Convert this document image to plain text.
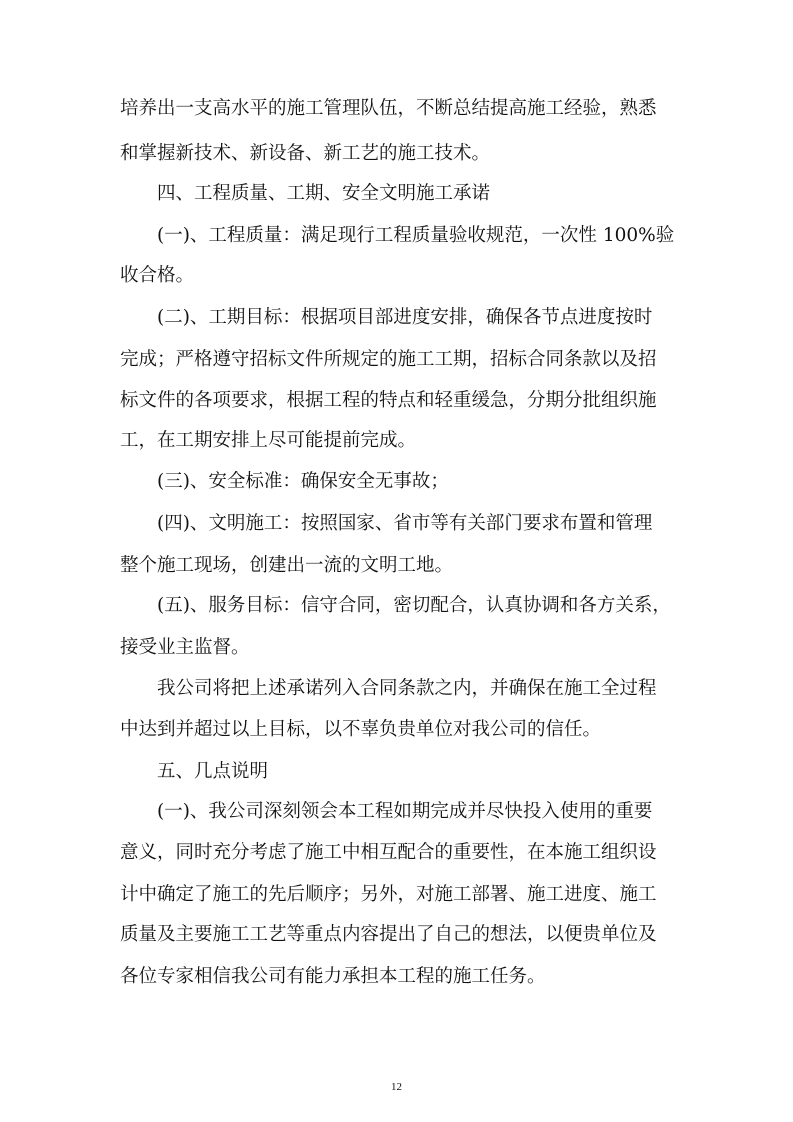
培养出一支高水平的施工管理队伍，不断总结提高施工经验，熟悉

和掌握新技术、新设备、新工艺的施工技术。

四、工程质量、工期、安全文明施工承诺

(一)、工程质量：满足现行工程质量验收规范，一次性 100%验

收合格。

(二)、工期目标：根据项目部进度安排，确保各节点进度按时

完成；严格遵守招标文件所规定的施工工期，招标合同条款以及招

标文件的各项要求，根据工程的特点和轻重缓急，分期分批组织施

工，在工期安排上尽可能提前完成。

(三)、安全标准：确保安全无事故；

(四)、文明施工：按照国家、省市等有关部门要求布置和管理

整个施工现场，创建出一流的文明工地。

(五)、服务目标：信守合同，密切配合，认真协调和各方关系，

接受业主监督。

我公司将把上述承诺列入合同条款之内，并确保在施工全过程

中达到并超过以上目标，以不辜负贵单位对我公司的信任。

五、几点说明

(一)、我公司深刻领会本工程如期完成并尽快投入使用的重要

意义，同时充分考虑了施工中相互配合的重要性，在本施工组织设

计中确定了施工的先后顺序；另外，对施工部署、施工进度、施工

质量及主要施工工艺等重点内容提出了自己的想法，以便贵单位及

各位专家相信我公司有能力承担本工程的施工任务。

12
